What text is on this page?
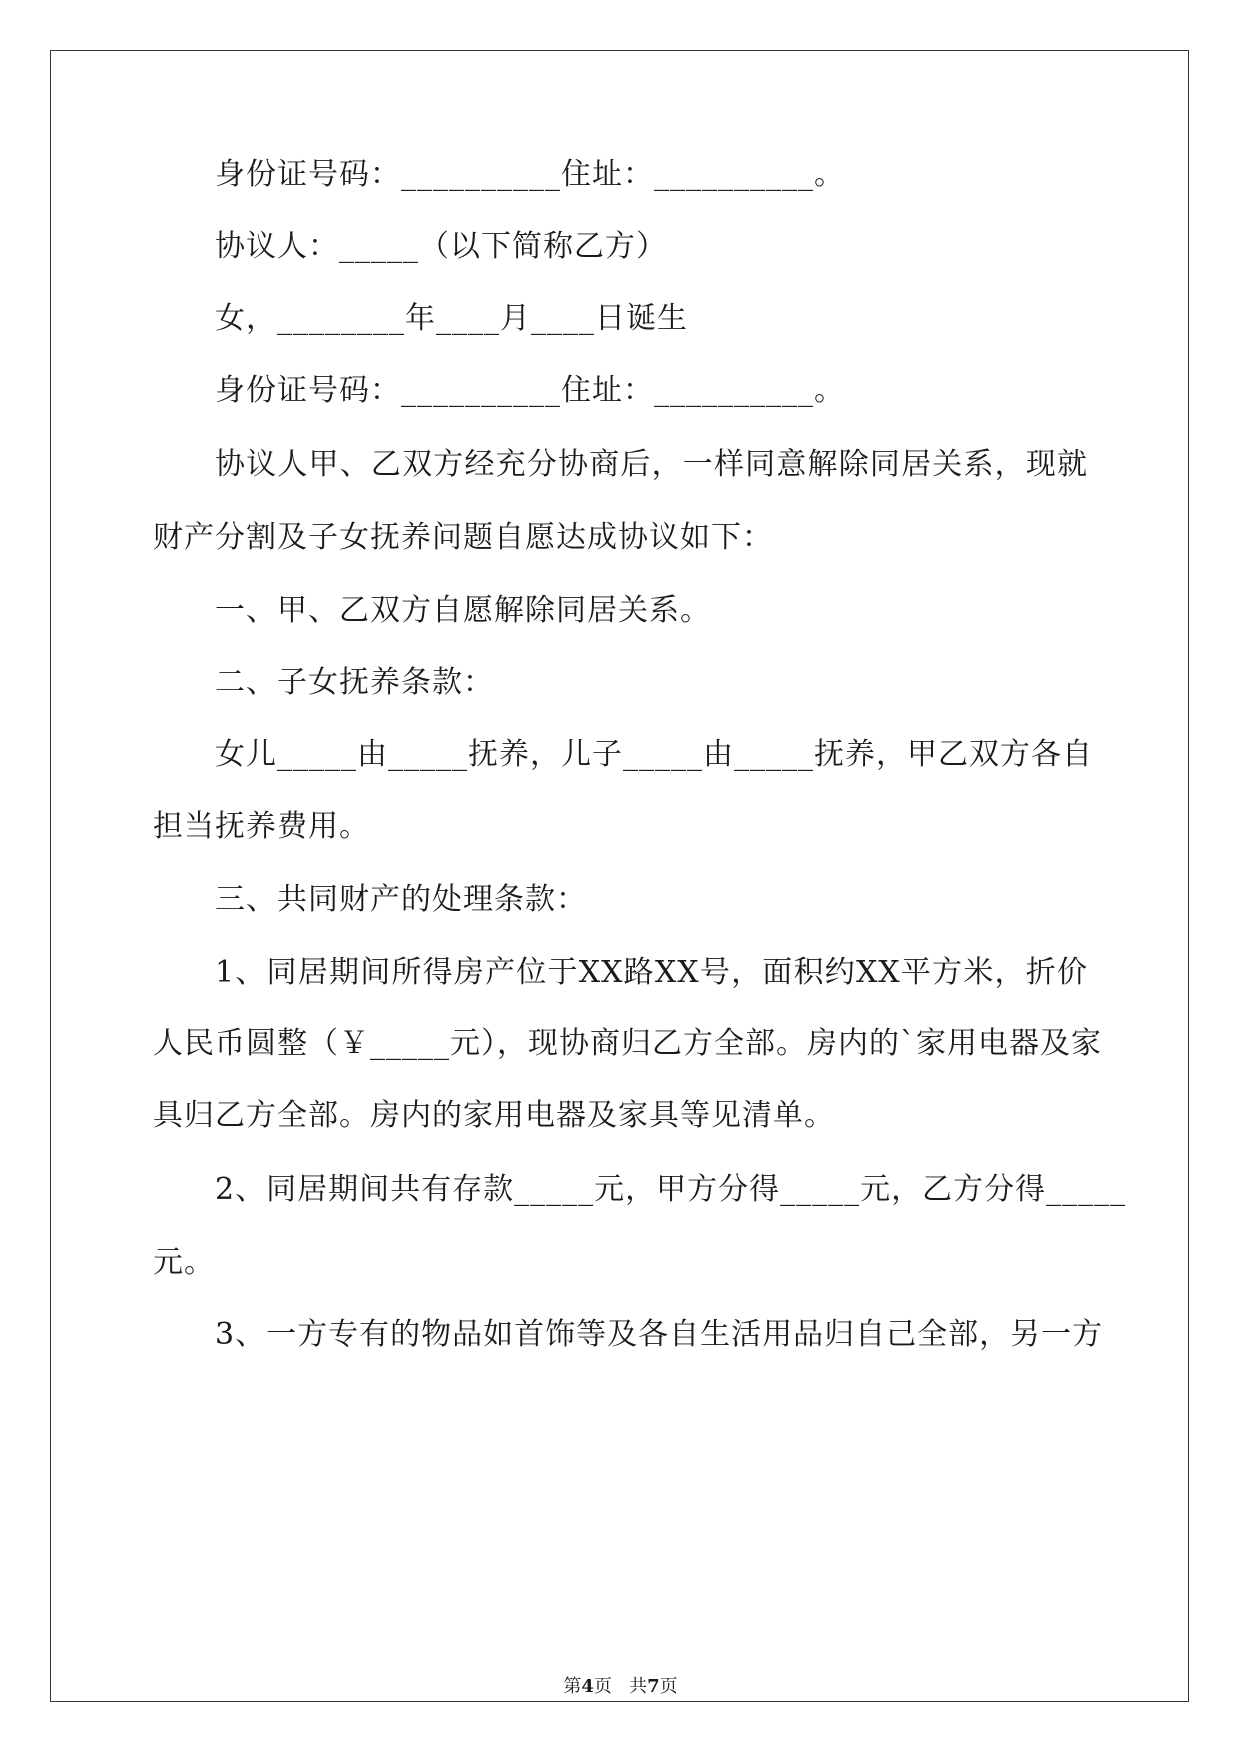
身份证号码：__________住址：__________。
协议人：_____（以下简称乙方）
女，________年____月____日诞生
身份证号码：__________住址：__________。
协议人甲、乙双方经充分协商后，一样同意解除同居关系，现就
财产分割及子女抚养问题自愿达成协议如下：
一、甲、乙双方自愿解除同居关系。
二、子女抚养条款：
女儿_____由_____抚养，儿子_____由_____抚养，甲乙双方各自
担当抚养费用。
三、共同财产的处理条款：
1、同居期间所得房产位于XX路XX号，面积约XX平方米，折价
人民币圆整（￥_____元），现协商归乙方全部。房内的`家用电器及家
具归乙方全部。房内的家用电器及家具等见清单。
2、同居期间共有存款_____元，甲方分得_____元，乙方分得_____
元。
3、一方专有的物品如首饰等及各自生活用品归自己全部，另一方
第4页   共7页
